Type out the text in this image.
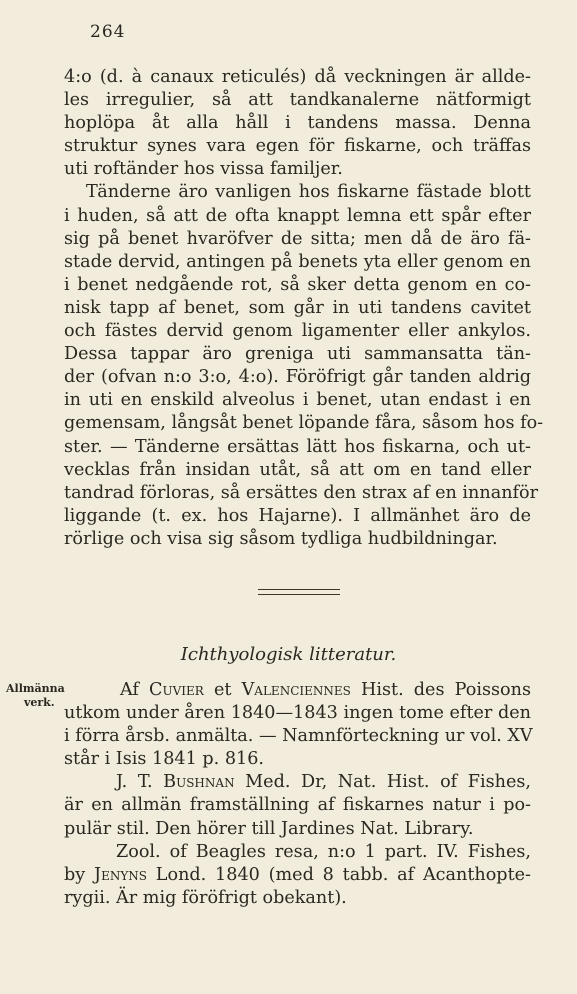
264
4:o (d. à canaux reticulés) då veckningen är allde-
les irregulier, så att tandkanalerne nätformigt
hoplöpa åt alla håll i tandens massa. Denna
struktur synes vara egen för fiskarne, och träffas
uti roftänder hos vissa familjer.
Tänderne äro vanligen hos fiskarne fästade blott
i huden, så att de ofta knappt lemna ett spår efter
sig på benet hvaröfver de sitta; men då de äro fä-
stade dervid, antingen på benets yta eller genom en
i benet nedgående rot, så sker detta genom en co-
nisk tapp af benet, som går in uti tandens cavitet
och fästes dervid genom ligamenter eller ankylos.
Dessa tappar äro greniga uti sammansatta tän-
der (ofvan n:o 3:o, 4:o). Föröfrigt går tanden aldrig
in uti en enskild alveolus i benet, utan endast i en
gemensam, långsåt benet löpande fåra, såsom hos fo-
ster. — Tänderne ersättas lätt hos fiskarna, och ut-
vecklas från insidan utåt, så att om en tand eller
tandrad förloras, så ersättes den strax af en innanför
liggande (t. ex. hos Hajarne). I allmänhet äro de
rörlige och visa sig såsom tydliga hudbildningar.
Ichthyologisk litteratur.
Allmänna
verk.
Af Cuvier et Valenciennes Hist. des Poissons
utkom under åren 1840—1843 ingen tome efter den
i förra årsb. anmälta. — Namnförteckning ur vol. XV
står i Isis 1841 p. 816.
J. T. Bushnan Med. Dr, Nat. Hist. of Fishes,
är en allmän framställning af fiskarnes natur i po-
pulär stil. Den hörer till Jardines Nat. Library.
Zool. of Beagles resa, n:o 1 part. IV. Fishes,
by Jenyns Lond. 1840 (med 8 tabb. af Acanthopte-
rygii. Är mig föröfrigt obekant).
